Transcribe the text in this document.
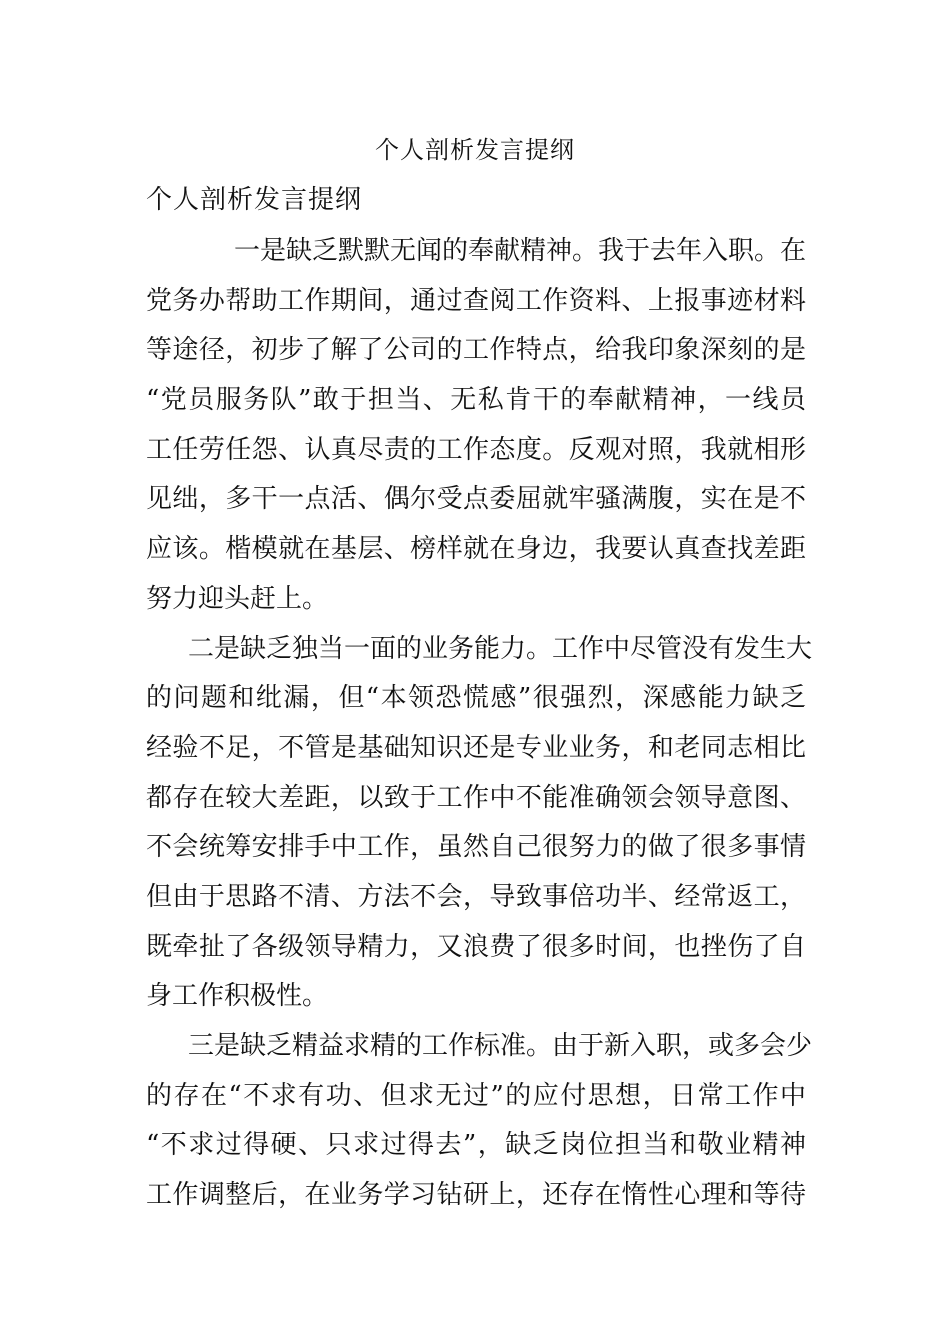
个人剖析发言提纲
个人剖析发言提纲
一是缺乏默默无闻的奉献精神。我于去年入职。在
党务办帮助工作期间，通过查阅工作资料、上报事迹材料
等途径，初步了解了公司的工作特点，给我印象深刻的是
“党员服务队”敢于担当、无私肯干的奉献精神，一线员
工任劳任怨、认真尽责的工作态度。反观对照，我就相形
见绌，多干一点活、偶尔受点委屈就牢骚满腹，实在是不
应该。楷模就在基层、榜样就在身边，我要认真查找差距
努力迎头赶上。
二是缺乏独当一面的业务能力。工作中尽管没有发生大
的问题和纰漏，但“本领恐慌感”很强烈，深感能力缺乏
经验不足，不管是基础知识还是专业业务，和老同志相比
都存在较大差距，以致于工作中不能准确领会领导意图、
不会统筹安排手中工作，虽然自己很努力的做了很多事情
但由于思路不清、方法不会，导致事倍功半、经常返工，
既牵扯了各级领导精力，又浪费了很多时间，也挫伤了自
身工作积极性。
三是缺乏精益求精的工作标准。由于新入职，或多会少
的存在“不求有功、但求无过”的应付思想，日常工作中
“不求过得硬、只求过得去”，缺乏岗位担当和敬业精神
工作调整后，在业务学习钻研上，还存在惰性心理和等待
